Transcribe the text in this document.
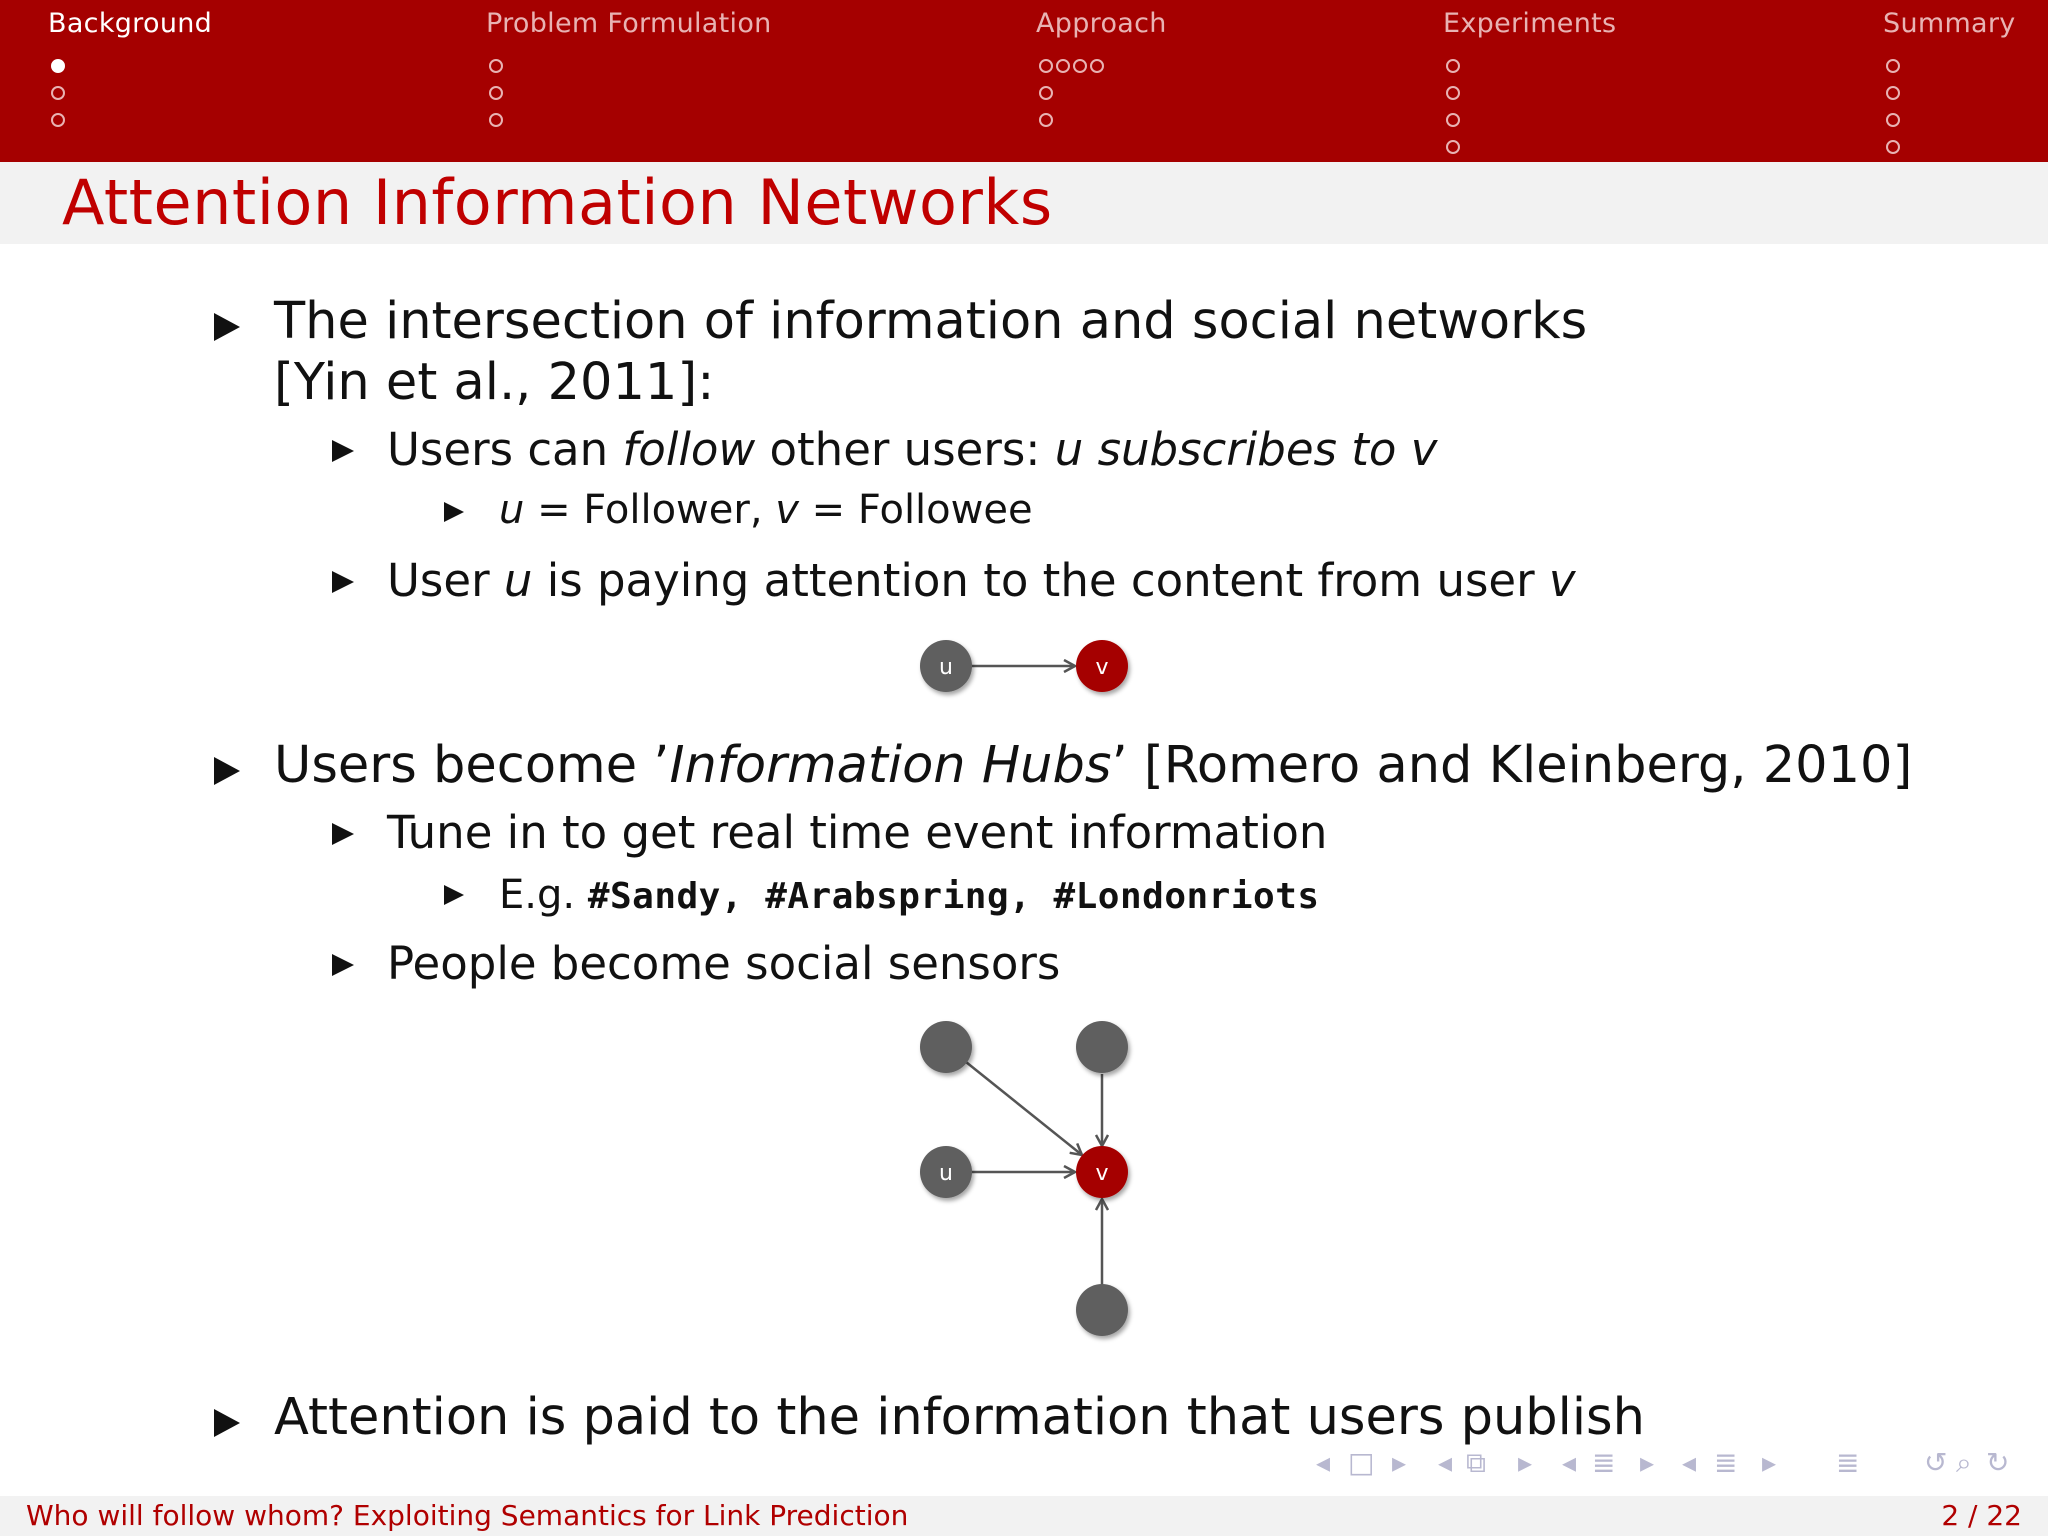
Background	Problem Formulation	Approach	Experiments	Summary
Attention Information Networks
The intersection of information and social networks
[Yin et al., 2011]:
Users can follow other users: u subscribes to v
u = Follower, v = Followee
User u is paying attention to the content from user v
u	v
Users become ’Information Hubs’ [Romero and Kleinberg, 2010]
Tune in to get real time event information
E.g. #Sandy, #Arabspring, #Londonriots
People become social sensors
u	v
Attention is paid to the information that users publish
◂ □ ▸ ◂ ⧉ ▸ ◂ ≣ ▸ ◂ ≣ ▸ ≣ ↺ ⌕ ↻
Who will follow whom? Exploiting Semantics for Link Prediction	2 / 22
